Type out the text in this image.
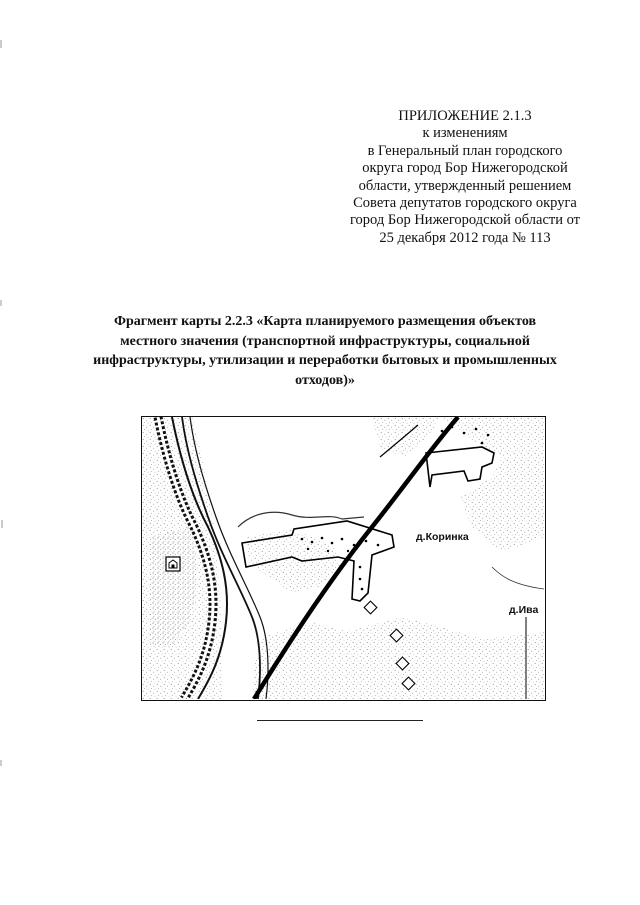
ПРИЛОЖЕНИЕ 2.1.3
к изменениям
в Генеральный план городского
округа город Бор Нижегородской
области, утвержденный решением
Совета депутатов городского округа
город Бор Нижегородской области от
25 декабря 2012 года № 113
Фрагмент карты 2.2.3 «Карта планируемого размещения объектов
местного значения (транспортной инфраструктуры, социальной
инфраструктуры, утилизации и переработки бытовых и промышленных
отходов)»
д.Коринка
д.Ива
